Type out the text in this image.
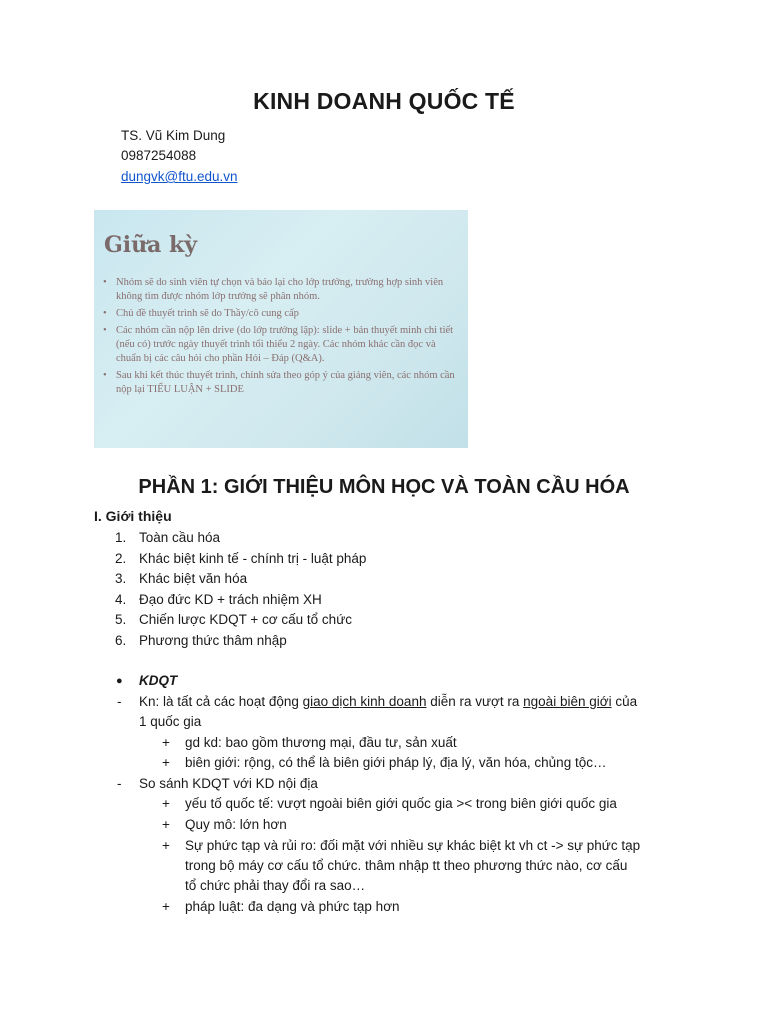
KINH DOANH QUỐC TẾ
TS. Vũ Kim Dung
0987254088
dungvk@ftu.edu.vn
Giữa kỳ
• Nhóm sẽ do sinh viên tự chọn và báo lại cho lớp trưởng, trường hợp sinh viên không tìm được nhóm lớp trưởng sẽ phân nhóm.
• Chủ đề thuyết trình sẽ do Thầy/cô cung cấp
• Các nhóm cần nộp lên drive (do lớp trưởng lập): slide + bản thuyết minh chi tiết (nếu có) trước ngày thuyết trình tối thiểu 2 ngày. Các nhóm khác cần đọc và chuẩn bị các câu hỏi cho phần Hỏi – Đáp (Q&A).
• Sau khi kết thúc thuyết trình, chỉnh sửa theo góp ý của giảng viên, các nhóm cần nộp lại TIỂU LUẬN + SLIDE
PHẦN 1: GIỚI THIỆU MÔN HỌC VÀ TOÀN CẦU HÓA
I. Giới thiệu
1. Toàn cầu hóa
2. Khác biệt kinh tế - chính trị - luật pháp
3. Khác biệt văn hóa
4. Đạo đức KD + trách nhiệm XH
5. Chiến lược KDQT + cơ cấu tổ chức
6. Phương thức thâm nhập
● KDQT
- Kn: là tất cả các hoạt động giao dịch kinh doanh diễn ra vượt ra ngoài biên giới của
1 quốc gia
+ gd kd: bao gồm thương mại, đầu tư, sản xuất
+ biên giới: rộng, có thể là biên giới pháp lý, địa lý, văn hóa, chủng tộc…
- So sánh KDQT với KD nội địa
+ yếu tố quốc tế: vượt ngoài biên giới quốc gia >< trong biên giới quốc gia
+ Quy mô: lớn hơn
+ Sự phức tạp và rủi ro: đối mặt với nhiều sự khác biệt kt vh ct -> sự phức tạp
trong bộ máy cơ cấu tổ chức. thâm nhập tt theo phương thức nào, cơ cấu
tổ chức phải thay đổi ra sao…
+ pháp luật: đa dạng và phức tạp hơn
